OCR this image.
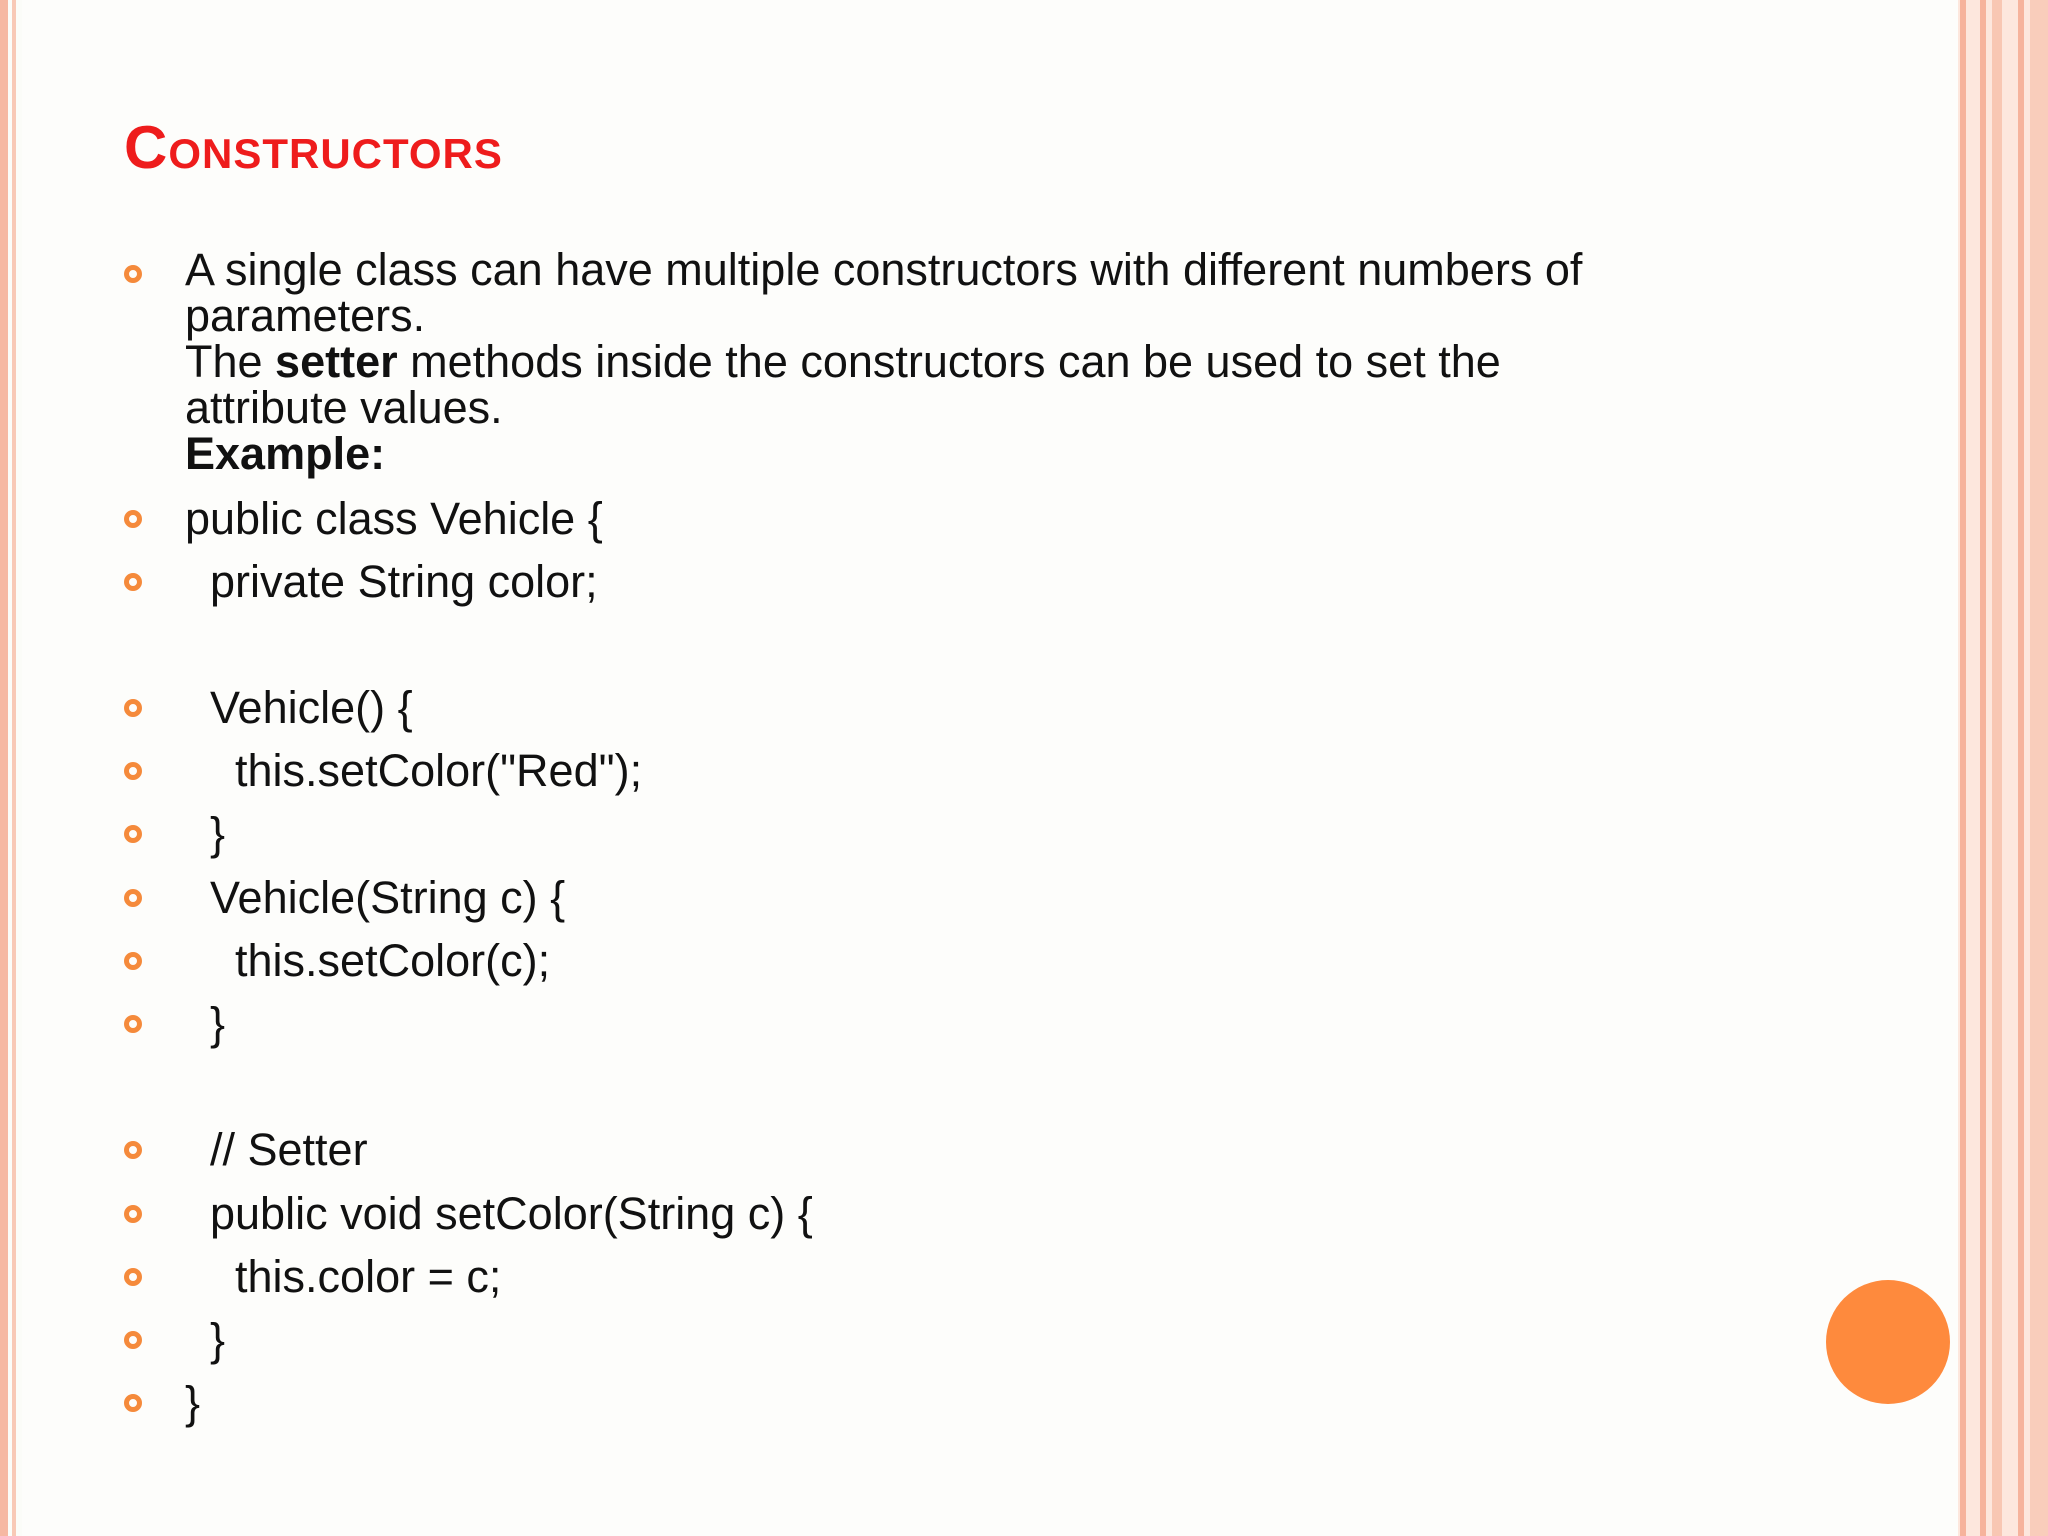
Constructors
A single class can have multiple constructors with different numbers of
parameters.
The setter methods inside the constructors can be used to set the
attribute values.
Example:
public class Vehicle {
private String color;
Vehicle() {
this.setColor("Red");
}
Vehicle(String c) {
this.setColor(c);
}
// Setter
public void setColor(String c) {
this.color = c;
}
}
